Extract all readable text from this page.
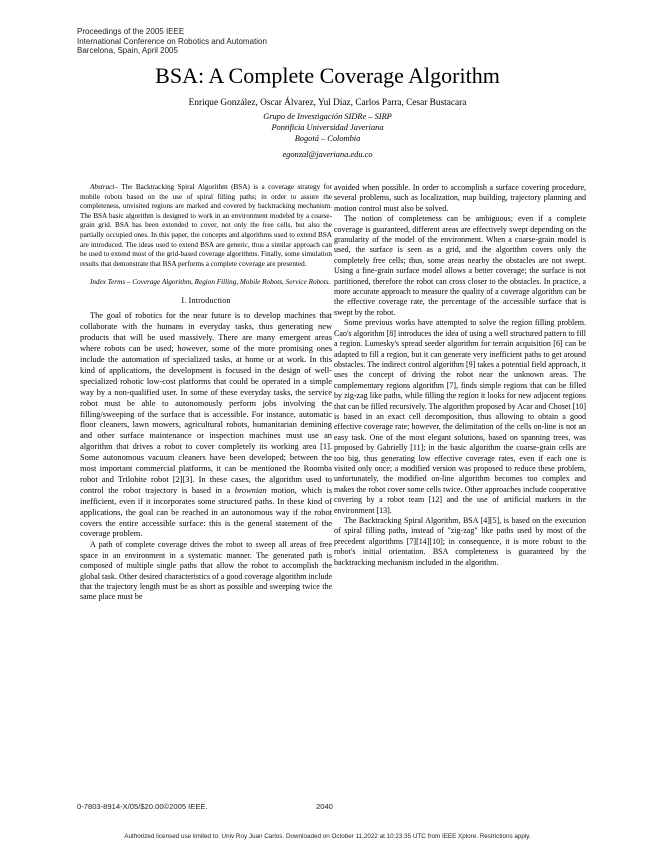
Proceedings of the 2005 IEEE
International Conference on Robotics and Automation
Barcelona, Spain, April 2005
BSA: A Complete Coverage Algorithm
Enrique González, Oscar Álvarez, Yul Díaz, Carlos Parra, Cesar Bustacara
Grupo de Investigación SIDRe – SIRP
Pontificia Universidad Javeriana
Bogotá – Colombia
egonzal@javeriana.edu.co

Abstract– The Backtracking Spiral Algorithm (BSA) is a coverage strategy for mobile robots based on the use of spiral filling paths; in order to assure the completeness, unvisited regions are marked and covered by backtracking mechanism. The BSA basic algorithm is designed to work in an environment modeled by a coarse-grain grid. BSA has been extended to cover, not only the free cells, but also the partially occupied ones. In this paper, the concepts and algorithms used to extend BSA are introduced. The ideas used to extend BSA are generic, thus a similar approach can be used to extend most of the grid-based coverage algorithms. Finally, some simulation results that demonstrate that BSA performs a complete coverage are presented.

Index Terms – Coverage Algorithm, Region Filling, Mobile Robots, Service Robots.

I. Introduction

The goal of robotics for the near future is to develop machines that collaborate with the humans in everyday tasks, thus generating new products that will be used massively. There are many emergent areas where robots can be used; however, some of the more promising ones include the automation of specialized tasks, at home or at work. In this kind of applications, the development is focused in the design of well-specialized robotic low-cost platforms that could be operated in a simple way by a non-qualified user. In some of these everyday tasks, the service robot must be able to autonomously perform jobs involving the filling/sweeping of the surface that is accessible. For instance, automatic floor cleaners, lawn mowers, agricultural robots, humanitarian demining and other surface maintenance or inspection machines must use an algorithm that drives a robot to cover completely its working area [1]. Some autonomous vacuum cleaners have been developed; between the most important commercial platforms, it can be mentioned the Roomba robot and Trilobite robot [2][3]. In these cases, the algorithm used to control the robot trajectory is based in a brownian motion, which is inefficient, even if it incorporates some structured paths. In these kind of applications, the goal can be reached in an autonomous way if the robot covers the entire accessible surface: this is the general statement of the coverage problem.

A path of complete coverage drives the robot to sweep all areas of free space in an environment in a systematic manner. The generated path is composed of multiple single paths that allow the robot to accomplish the global task. Other desired characteristics of a good coverage algorithm include that the trajectory length must be as short as possible and sweeping twice the same place must be

avoided when possible. In order to accomplish a surface covering procedure, several problems, such as localization, map building, trajectory planning and motion control must also be solved.

The notion of completeness can be ambiguous; even if a complete coverage is guaranteed, different areas are effectively swept depending on the granularity of the model of the environment. When a coarse-grain model is used, the surface is seen as a grid, and the algorithm covers only the completely free cells; thus, some areas nearby the obstacles are not swept. Using a fine-grain surface model allows a better coverage; the surface is not partitioned, therefore the robot can cross closer to the obstacles. In practice, a more accurate approach to measure the quality of a coverage algorithm can be the effective coverage rate, the percentage of the accessible surface that is swept by the robot.

Some previous works have attempted to solve the region filling problem. Cao's algorithm [8] introduces the idea of using a well structured pattern to fill a region. Lumesky's spread seeder algorithm for terrain acquisition [6] can be adapted to fill a region, but it can generate very inefficient paths to get around obstacles. The indirect control algorithm [9] takes a potential field approach, it uses the concept of driving the robot near the unknown areas. The complementary regions algorithm [7], finds simple regions that can be filled by zig-zag like paths, while filling the region it looks for new adjacent regions that can be filled recursively. The algorithm proposed by Acar and Choset [10] is based in an exact cell decomposition, thus allowing to obtain a good effective coverage rate; however, the delimitation of the cells on-line is not an easy task. One of the most elegant solutions, based on spanning trees, was proposed by Gabrielly [11]; in the basic algorithm the coarse-grain cells are too big, thus generating low effective coverage rates, even if each one is visited only once; a modified version was proposed to reduce these problem, unfortunately, the modified on-line algorithm becomes too complex and makes the robot cover some cells twice. Other approaches include cooperative covering by a robot team [12] and the use of artificial markers in the environment [13].

The Backtracking Spiral Algorithm, BSA [4][5], is based on the execution of spiral filling paths, instead of "zig-zag" like paths used by most of the precedent algorithms [7][14][10]; in consequence, it is more robust to the robot's initial orientation. BSA completeness is guaranteed by the backtracking mechanism included in the algorithm.

0-7803-8914-X/05/$20.00©2005 IEEE.	2040
Authorized licensed use limited to: Univ Roy Juan Carlos. Downloaded on October 11,2022 at 10:23:35 UTC from IEEE Xplore. Restrictions apply.
